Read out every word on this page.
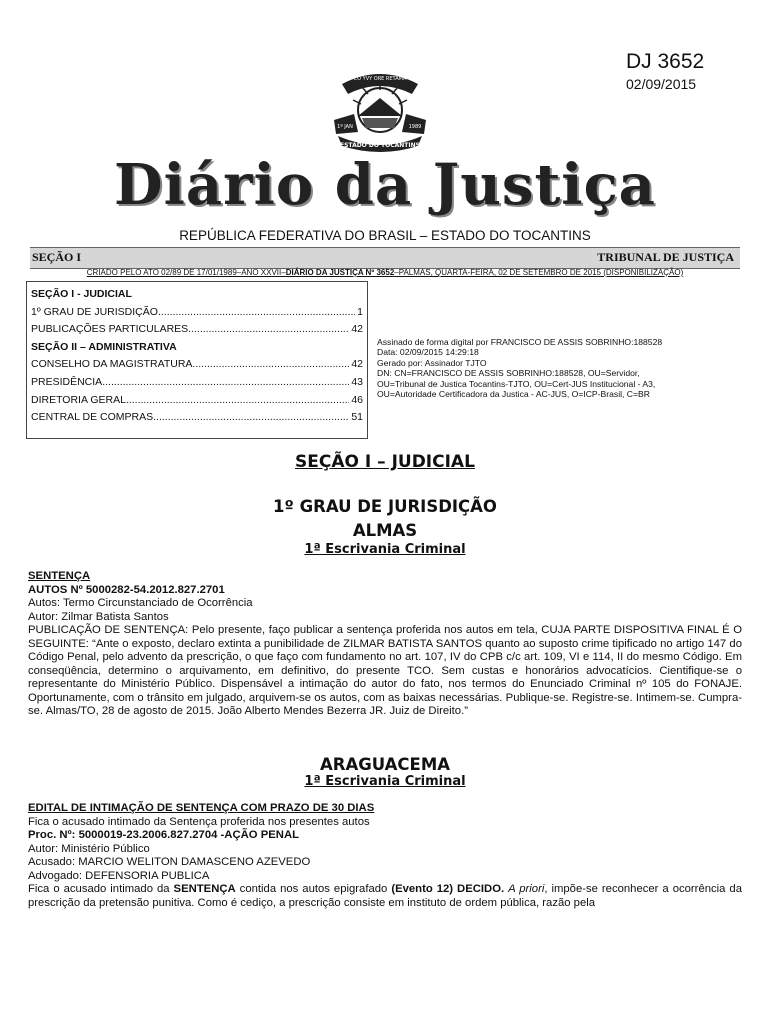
DJ 3652
02/09/2015
CO YVY ORE RETAMA
1º JAN	1989
ESTADO DO TOCANTINS
Diário da Justiça
REPÚBLICA FEDERATIVA DO BRASIL – ESTADO DO TOCANTINS
SEÇÃO I	TRIBUNAL DE JUSTIÇA
CRIADO PELO ATO 02/89 DE 17/01/1989–ANO XXVII–DIÁRIO DA JUSTIÇA Nº 3652–PALMAS, QUARTA-FEIRA, 02 DE SETEMBRO DE 2015 (DISPONIBILIZAÇÃO)
SEÇÃO I - JUDICIAL
1º GRAU DE JURISDIÇÃO .....	1
PUBLICAÇÕES PARTICULARES .....	42
SEÇÃO II – ADMINISTRATIVA
CONSELHO DA MAGISTRATURA .....	42
PRESIDÊNCIA .....	43
DIRETORIA GERAL .....	46
CENTRAL DE COMPRAS .....	51
Assinado de forma digital por FRANCISCO DE ASSIS SOBRINHO:188528
Data: 02/09/2015 14:29:18
Gerado por: Assinador TJTO
DN: CN=FRANCISCO DE ASSIS SOBRINHO:188528, OU=Servidor,
OU=Tribunal de Justica Tocantins-TJTO, OU=Cert-JUS Institucional - A3,
OU=Autoridade Certificadora da Justica - AC-JUS, O=ICP-Brasil, C=BR
SEÇÃO I – JUDICIAL
1º GRAU DE JURISDIÇÃO
ALMAS
1ª Escrivania Criminal
SENTENÇA
AUTOS Nº 5000282-54.2012.827.2701
Autos: Termo Circunstanciado de Ocorrência
Autor: Zilmar Batista Santos
PUBLICAÇÃO DE SENTENÇA: Pelo presente, faço publicar a sentença proferida nos autos em tela, CUJA PARTE DISPOSITIVA FINAL É O SEGUINTE: “Ante o exposto, declaro extinta a punibilidade de ZILMAR BATISTA SANTOS quanto ao suposto crime tipificado no artigo 147 do Código Penal, pelo advento da prescrição, o que faço com fundamento no art. 107, IV do CPB c/c art. 109, VI e 114, II do mesmo Código. Em conseqüência, determino o arquivamento, em definitivo, do presente TCO. Sem custas e honorários advocatícios. Cientifique-se o representante do Ministério Público. Dispensável a intimação do autor do fato, nos termos do Enunciado Criminal nº 105 do FONAJE. Oportunamente, com o trânsito em julgado, arquivem-se os autos, com as baixas necessárias. Publique-se. Registre-se. Intimem-se. Cumpra-se. Almas/TO, 28 de agosto de 2015. João Alberto Mendes Bezerra JR. Juiz de Direito.”
ARAGUACEMA
1ª Escrivania Criminal
EDITAL DE INTIMAÇÃO DE SENTENÇA COM PRAZO DE 30 DIAS
Fica o acusado intimado da Sentença proferida nos presentes autos
Proc. Nº: 5000019-23.2006.827.2704 -AÇÃO PENAL
Autor: Ministério Público
Acusado: MARCIO WELITON DAMASCENO AZEVEDO
Advogado: DEFENSORIA PUBLICA
Fica o acusado intimado da SENTENÇA contida nos autos epigrafado (Evento 12) DECIDO. A priori, impõe-se reconhecer a ocorrência da prescrição da pretensão punitiva. Como é cediço, a prescrição consiste em instituto de ordem pública, razão pela
